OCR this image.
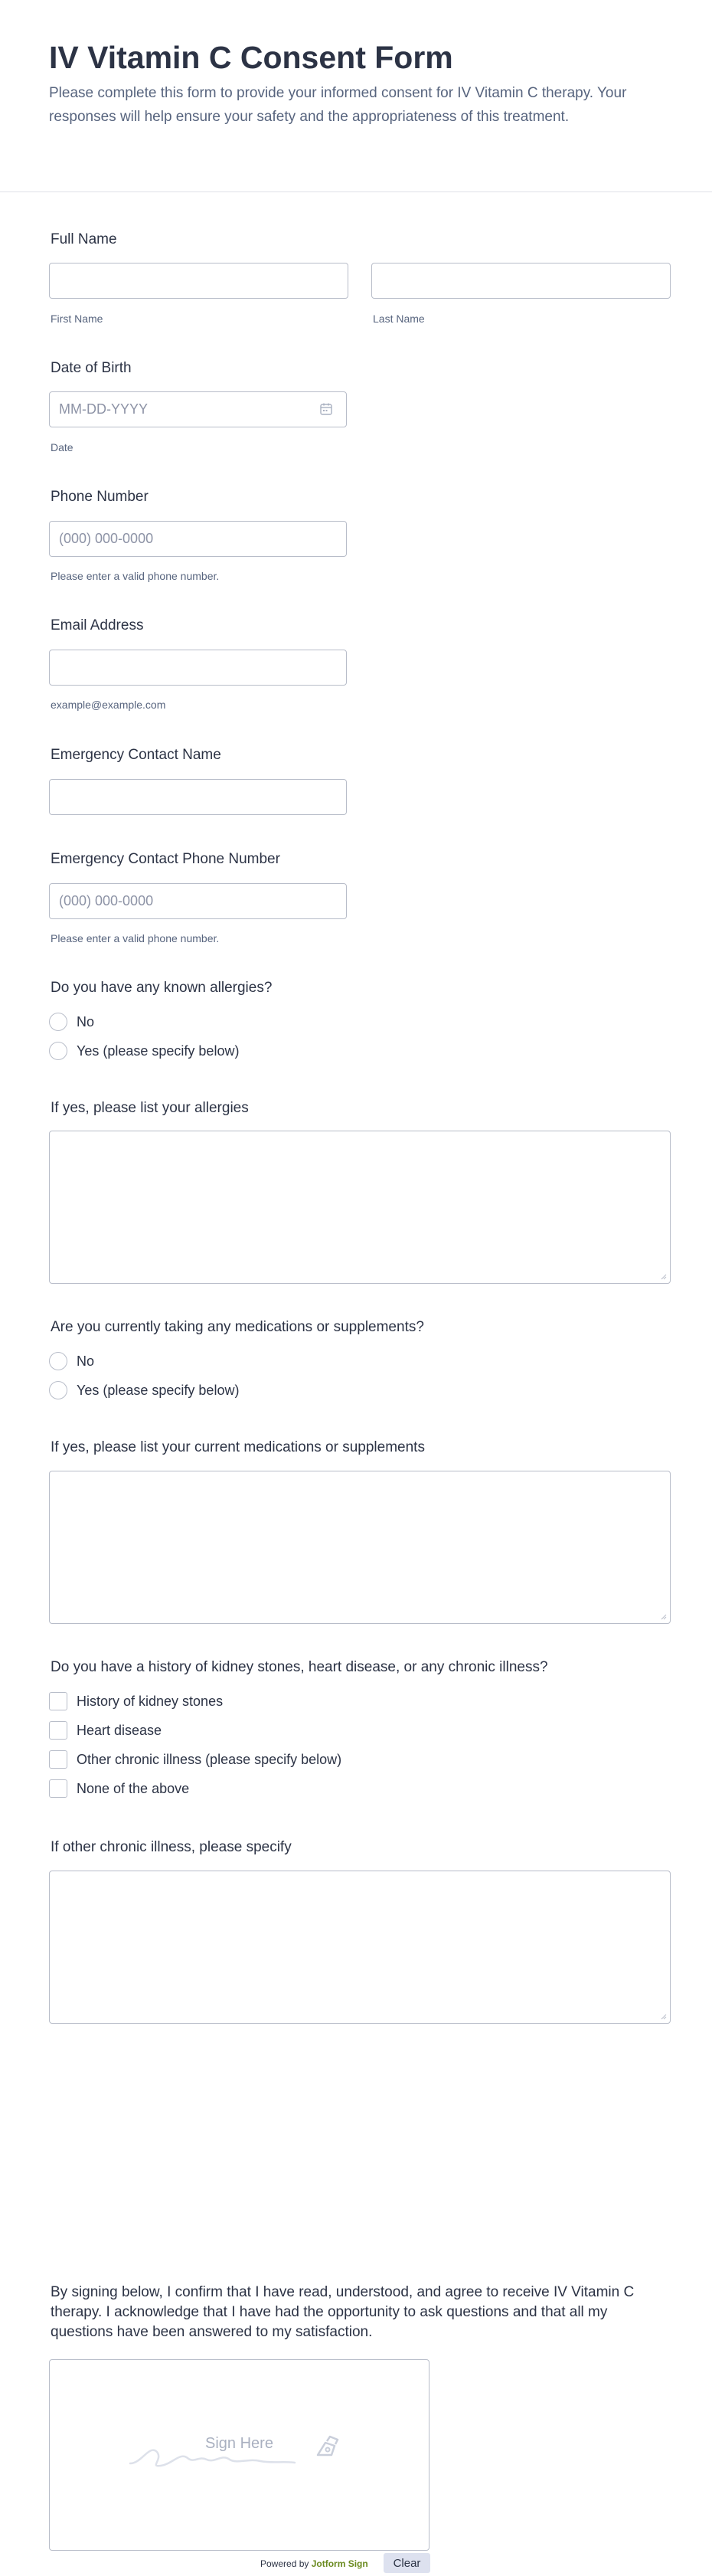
IV Vitamin C Consent Form
Please complete this form to provide your informed consent for IV Vitamin C therapy. Your responses will help ensure your safety and the appropriateness of this treatment.
Full Name
First Name	Last Name
Date of Birth
MM-DD-YYYY
Date
Phone Number
(000) 000-0000
Please enter a valid phone number.
Email Address
example@example.com
Emergency Contact Name
Emergency Contact Phone Number
(000) 000-0000
Please enter a valid phone number.
Do you have any known allergies?
No
Yes (please specify below)
If yes, please list your allergies
Are you currently taking any medications or supplements?
No
Yes (please specify below)
If yes, please list your current medications or supplements
Do you have a history of kidney stones, heart disease, or any chronic illness?
History of kidney stones
Heart disease
Other chronic illness (please specify below)
None of the above
If other chronic illness, please specify
By signing below, I confirm that I have read, understood, and agree to receive IV Vitamin C therapy. I acknowledge that I have had the opportunity to ask questions and that all my questions have been answered to my satisfaction.
Sign Here
Powered by Jotform Sign	Clear
